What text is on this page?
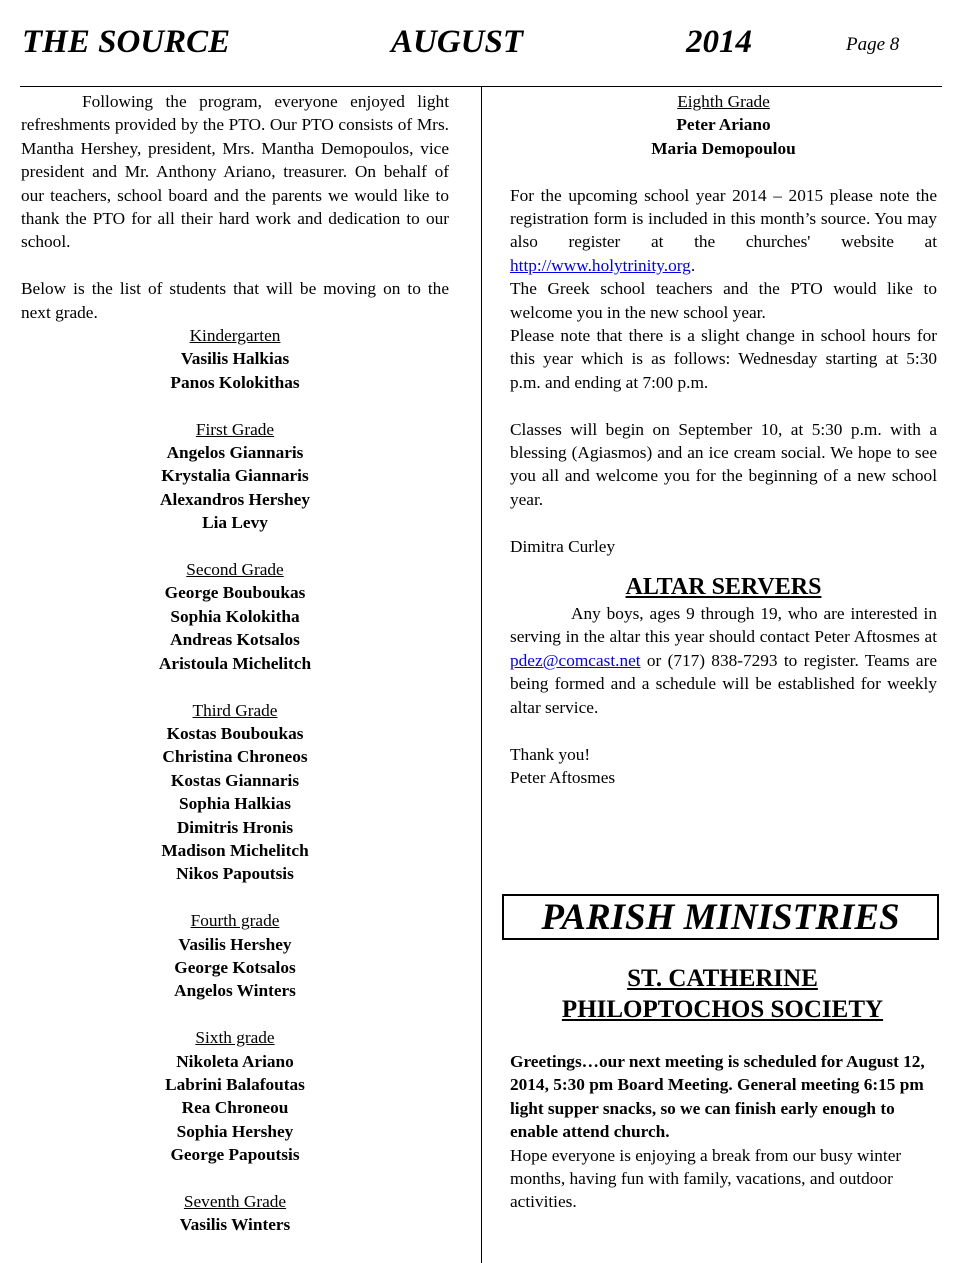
THE SOURCE	AUGUST	2014	Page 8

Following the program, everyone enjoyed light refreshments provided by the PTO. Our PTO consists of Mrs. Mantha Hershey, president, Mrs. Mantha Demopoulos, vice president and Mr. Anthony Ariano, treasurer. On behalf of our teachers, school board and the parents we would like to thank the PTO for all their hard work and dedication to our school.

Below is the list of students that will be moving on to the next grade.

Kindergarten
Vasilis Halkias
Panos Kolokithas
First Grade
Angelos Giannaris
Krystalia Giannaris
Alexandros Hershey
Lia Levy
Second Grade
George Bouboukas
Sophia Kolokitha
Andreas Kotsalos
Aristoula Michelitch
Third Grade
Kostas Bouboukas
Christina Chroneos
Kostas Giannaris
Sophia Halkias
Dimitris Hronis
Madison Michelitch
Nikos Papoutsis
Fourth grade
Vasilis Hershey
George Kotsalos
Angelos Winters
Sixth grade
Nikoleta Ariano
Labrini Balafoutas
Rea Chroneou
Sophia Hershey
George Papoutsis
Seventh Grade
Vasilis Winters
Eighth Grade
Peter Ariano
Maria Demopoulou

For the upcoming school year 2014 – 2015 please note the registration form is included in this month’s source. You may also register at the churches' website at http://www.holytrinity.org.

The Greek school teachers and the PTO would like to welcome you in the new school year.

Please note that there is a slight change in school hours for this year which is as follows: Wednesday starting at 5:30 p.m. and ending at 7:00 p.m.

Classes will begin on September 10, at 5:30 p.m. with a blessing (Agiasmos) and an ice cream social. We hope to see you all and welcome you for the beginning of a new school year.

Dimitra Curley

ALTAR SERVERS

Any boys, ages 9 through 19, who are interested in serving in the altar this year should contact Peter Aftosmes at pdez@comcast.net or (717) 838-7293 to register. Teams are being formed and a schedule will be established for weekly altar service.

Thank you!

Peter Aftosmes

PARISH MINISTRIES
ST. CATHERINE
PHILOPTOCHOS SOCIETY

Greetings…our next meeting is scheduled for August 12, 2014, 5:30 pm Board Meeting. General meeting 6:15 pm light supper snacks, so we can finish early enough to enable attend church.

Hope everyone is enjoying a break from our busy winter months, having fun with family, vacations, and outdoor activities.
